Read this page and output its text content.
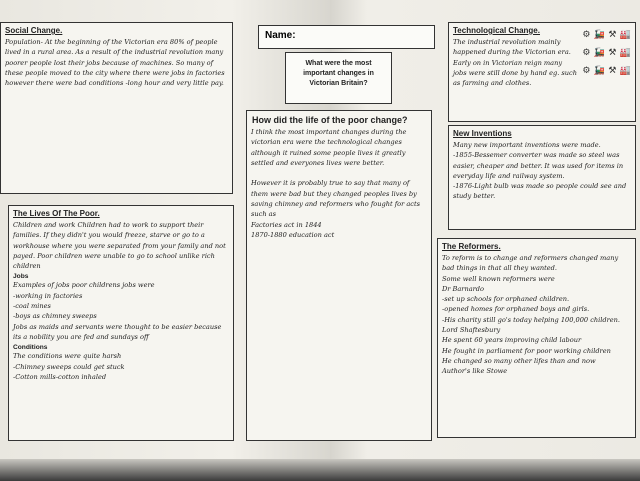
Social Change.
Population- At the beginning of the Victorian era 80% of people lived in a rural area. As a result of the industrial revolution many poorer people lost their jobs because of machines. So many of these people moved to the city where there were jobs in factories however there were bad conditions -long hour and very little pay.
The Lives Of The Poor.
Children and work Children had to work to support their families. If they didn't you would freeze, starve or go to a workhouse where you were separated from your family and not payed. Poor children were unable to go to school unlike rich children
Jobs
Examples of jobs poor childrens jobs were
-working in factories
-coal mines
-boys as chimney sweeps
Jobs as maids and servants were thought to be easier because its a nobility you are fed and sundays off
Conditions
The conditions were quite harsh
-Chimney sweeps could get stuck
-Cotton mills-cotton inhaled
Name:
What were the most important changes in Victorian Britain?
How did the life of the poor change?
I think the most important changes during the victorian era were the technological changes although it ruined some people lives it greatly settled and everyones lives were better.

However it is probably true to say that many of them were bad but they changed peoples lives by saving chimney and reformers who fought for acts such as
Factories act in 1844
1870-1880 education act
Technological Change.
The industrial revolution mainly happened during the Victorian era. Early on in Victorian reign many jobs were still done by hand eg. such as farming and clothes.
⚙ 🚂 ⚒ 🏭
⚙ 🚂 ⚒ 🏭
⚙ 🚂 ⚒ 🏭
New Inventions
Many new important inventions were made.
-1855-Bessemer converter was made so steel was easier, cheaper and better. It was used for items in everyday life and railway system.
-1876-Light bulb was made so people could see and study better.
The Reformers.
To reform is to change and reformers changed many bad things in that all they wanted.
Some well known reformers were
Dr Barnardo
-set up schools for orphaned children.
-opened homes for orphaned boys and girls.
-His charity still go's today helping 100,000 children.
Lord Shaftesbury
He spent 60 years improving child labour
He fought in parliament for poor working children
He changed so many other lifes than and now
Author's like Stowe
